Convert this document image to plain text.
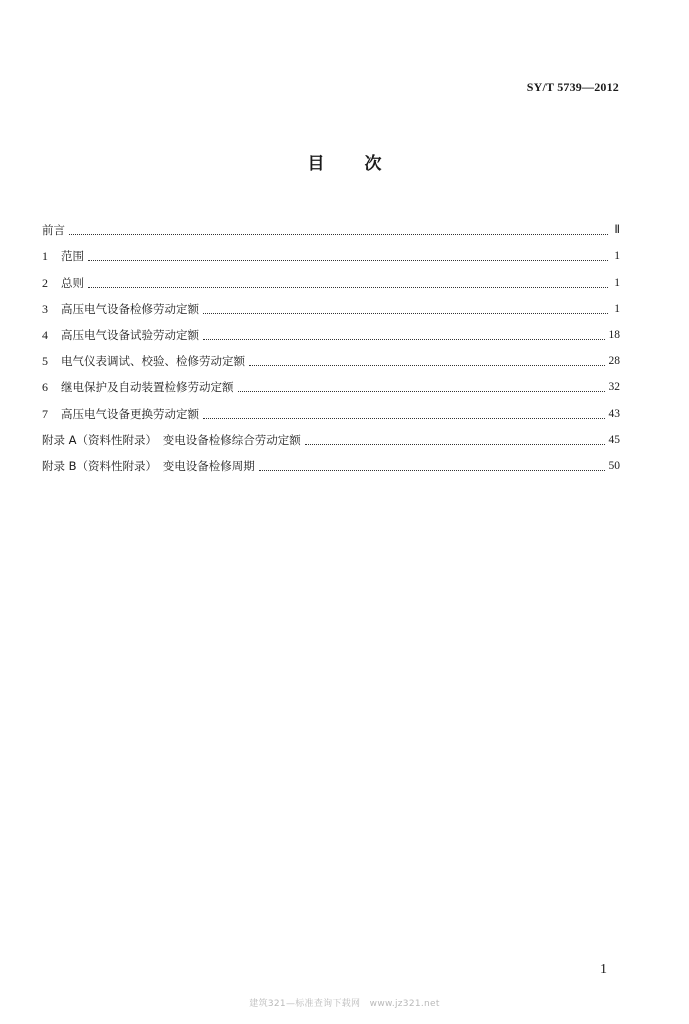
SY/T 5739—2012
目次
前言	Ⅱ
1	范围	1
2	总则	1
3	高压电气设备检修劳动定额	1
4	高压电气设备试验劳动定额	18
5	电气仪表调试、校验、检修劳动定额	28
6	继电保护及自动装置检修劳动定额	32
7	高压电气设备更换劳动定额	43
附录 A（资料性附录）　变电设备检修综合劳动定额	45
附录 B（资料性附录）　变电设备检修周期	50
1
建筑321—标准查询下载网　www.jz321.net
